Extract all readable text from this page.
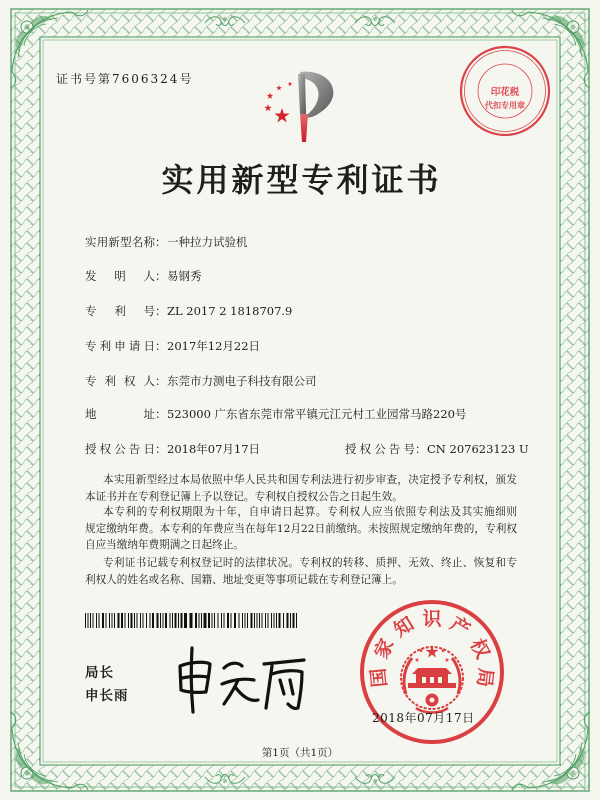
证书号第7606324号
印花税
代扣专用章
实用新型专利证书
实用新型名称 ： 一种拉力试验机
发明人 ： 易钢秀
专利号 ： ZL 2017 2 1818707.9
专利申请日 ： 2017年12月22日
专利权人 ： 东莞市力测电子科技有限公司
地址 ： 523000 广东省东莞市常平镇元江元村工业园常马路220号
授权公告日 ： 2018年07月17日	授权公告号 ： CN 207623123 U
本实用新型经过本局依照中华人民共和国专利法进行初步审查，决定授予专利权，颁发
本证书并在专利登记簿上予以登记。专利权自授权公告之日起生效。
本专利的专利权期限为十年，自申请日起算。专利权人应当依照专利法及其实施细则
规定缴纳年费。本专利的年费应当在每年12月22日前缴纳。未按照规定缴纳年费的，专利权
自应当缴纳年费期满之日起终止。
专利证书记载专利权登记时的法律状况。专利权的转移、质押、无效、终止、恢复和专
利权人的姓名或名称、国籍、地址变更等事项记载在专利登记簿上。
局长
申长雨
国家知识产权局
2018年07月17日
第1页（共1页）
